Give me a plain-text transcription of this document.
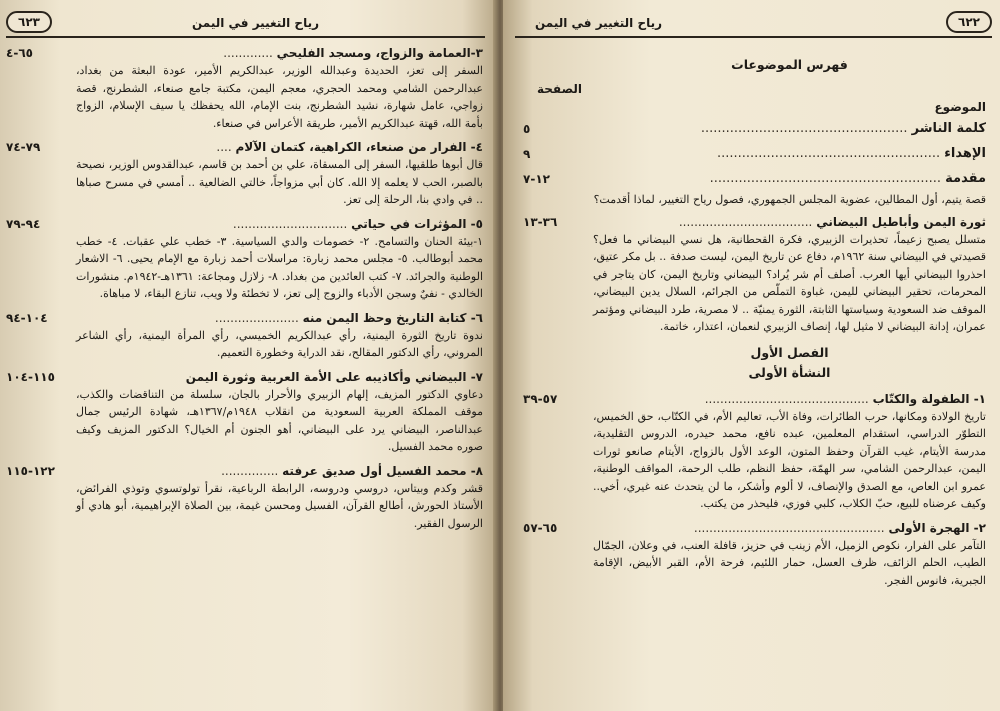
٦٢٣	رياح التغيير في اليمن
٣-العمامة والزواج، ومسجد الفليحي .............
٦٥-٤
السفر إلى تعز، الحديدة وعبدالله الوزير، عبدالكريم الأمير، عودة البعثة من بغداد، عبدالرحمن الشامي ومحمد الحجري، معجم اليمن، مكتبة جامع صنعاء، الشطرنج، قصة زواجي، عامل شهارة، نشيد الشطرنج، بنت الإمام، الله يحفظك يا سيف الإسلام، الزواج بأمة الله، قهتة عبدالكريم الأمير، طريقة الأعراس في صنعاء.
٤- الفرار من صنعاء، الكراهية، كتمان الآلام ....
٧٩-٧٤
قال أبوها طلقيها، السفر إلى المسقاة، علي بن أحمد بن قاسم، عبدالقدوس الوزير، نصيحة بالصبر، الحب لا يعلمه إلا الله. كان أبي مزواجاً، خالتي الضالعية .. أمسي في مسرح صباها .. في وادي بنا، الرحلة إلى تعز.
٥- المؤثرات في حياتي ..............................
٩٤-٧٩
١-بيئة الحنان والتسامح. ٢- خصومات والدي السياسية. ٣- خطب علي عقبات. ٤- خطب محمد أبوطالب. ٥- مجلس محمد زبارة: مراسلات أحمد زبارة مع الإمام يحيى. ٦- الاشعار الوطنية والجرائد. ٧- كتب العائدين من بغداد. ٨- زلازل ومجاعة: ١٣٦١هـ-١٩٤٢م. منشورات الخالدي - نفيٌ وسجن الأدباء والزوج إلى تعز، لا تخطئة ولا ويب، تنازع البقاء، لا مباهاة.
٦- كتابة التاريخ وحظ اليمن منه ......................
١٠٤-٩٤
ندوة تاريخ الثورة اليمنية، رأي عبدالكريم الخميسي، رأي المرأة اليمنية، رأي الشاعر المروني، رأي الدكتور المقالح، نقد الدراية وخطورة التعميم.
٧- البيضاني وأكاذيبه على الأمة العربية وثورة اليمن
١١٥-١٠٤
دعاوي الدكتور المزيف، إلهام الزبيري والأحرار بالجان، سلسلة من التناقضات والكذب، موقف المملكة العربية السعودية من انقلاب ١٩٤٨م/١٣٦٧هـ، شهادة الرئيس جمال عبدالناصر، البيضاني يرد على البيضاني، أهو الجنون أم الخيال؟ الدكتور المزيف وكيف صوره محمد الفسيل.
٨- محمد الفسيل أول صديق عرفته ...............
١٢٢-١١٥
قشر وكدم وبيتاس، دروسي ودروسه، الرابطة الرباعية، نقرأ تولوتسوي وتوذي الفرائض، الأستاذ الحورش، أطالع القرآن، الفسيل ومحسن غيمة، بين الصلاة الإبراهيمية، أبو هادي أو الرسول الفقير.
٦٢٢
رياح التغيير في اليمن
فهرس الموضوعات
الموضوع
الصفحة
كلمة الناشر ..................................................
٥
الإهداء ......................................................
٩
مقدمة ........................................................
١٢-٧
قصة يتيم، أول المطالين، عضوية المجلس الجمهوري، فصول رياح التغيير، لماذا أقدمت؟
ثورة اليمن وأباطيل البيضاني ...................................
٣٦-١٣
متسلل يصبح زعيماً، تحذيرات الزبيري، فكرة القحطانية، هل نسي البيضاني ما فعل؟ قصيدتي في البيضاني سنة ١٩٦٢م، دفاع عن تاريخ اليمن، ليست صدفة .. بل مكر عتيق، احذروا البيضاني أيها العرب. أصلف أم شر يُراد؟ البيضاني وتاريخ اليمن، كان يتاجر في المحرمات، تحقير البيضاني لليمن، غباوة التملّص من الجرائم، السلال يدين البيضاني، الموقف ضد السعودية وسياستها الثابتة، الثورة يمنيّة .. لا مصرية، طرد البيضاني ومؤتمر عمران، إدانة البيضاني لا مثيل لها، إنصاف الزبيري لنعمان، اعتذار، خاتمة.
الفصل الأول
النشأة الأولى
١- الطفولة والكتّاب ...........................................
٥٧-٣٩
تاريخ الولادة ومكانها، حرب الطائرات، وفاة الأب، تعاليم الأم، في الكتّاب، حق الخميس، التطوّر الدراسي، استقدام المعلمين، عبده نافع، محمد حيدره، الدروس التقليدية، مدرسة الأيتام، غيب القرآن وحفظ المتون، الوعد الأول بالزواج، الأيتام صانعو ثورات اليمن، عبدالرحمن الشامي، سر الهمّة، حفظ النظم، طلب الرحمة، المواقف الوطنية، عمرو ابن العاص، مع الصدق والإنصاف، لا ألوم وأشكر، ما لن يتحدث عنه غيري، أخي.. وكيف عرضناه للبيع، حبّ الكلاب، كلبي فوزي، فليحذر من يكتب.
٢- الهجرة الأولى ..................................................
٦٥-٥٧
التآمر على الفرار، نكوص الزميل، الأم زينب في حزيز، قافلة العنب، في وعلان، الجمّال الطيب، الحلم الزائف، ظرف العسل، حمار اللئيم، فرحة الأم، القبر الأبيض، الإقامة الجبرية، فانوس الفجر.
